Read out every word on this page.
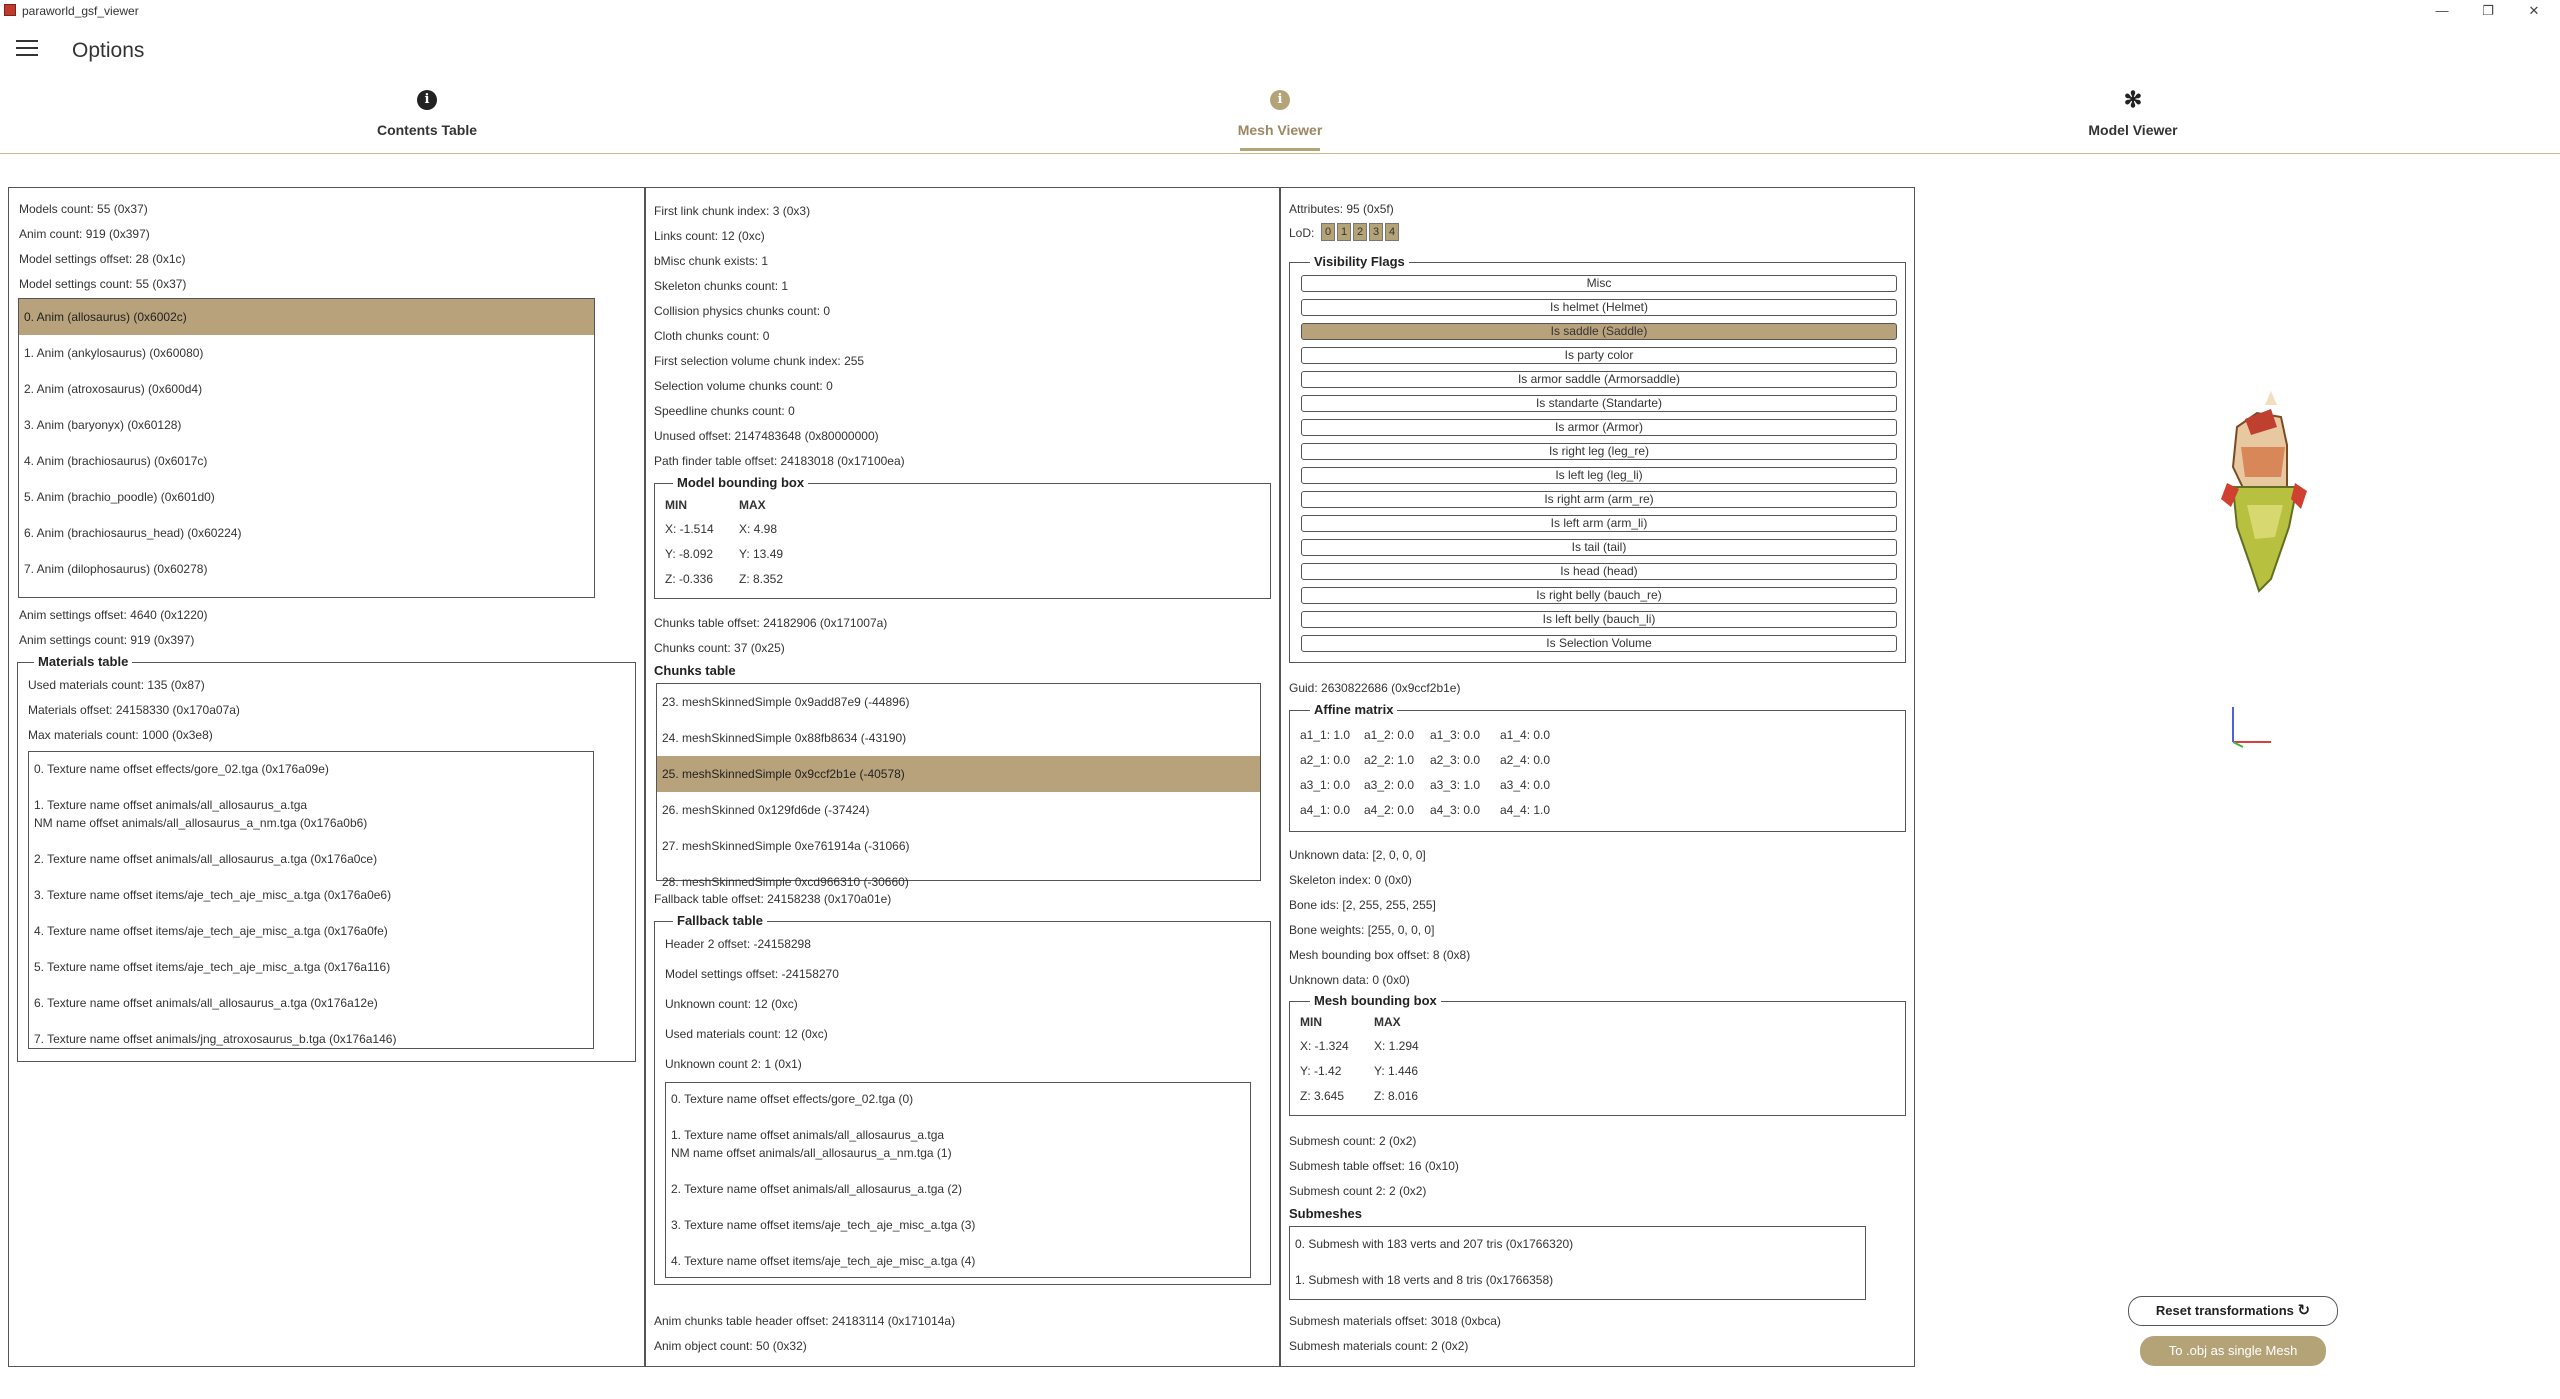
paraworld_gsf_viewer	—	❐	✕
Options
i
Contents Table
i
Mesh Viewer
✻
Model Viewer
Models count: 55 (0x37)
Anim count: 919 (0x397)
Model settings offset: 28 (0x1c)
Model settings count: 55 (0x37)
0. Anim (allosaurus) (0x6002c)
1. Anim (ankylosaurus) (0x60080)
2. Anim (atroxosaurus) (0x600d4)
3. Anim (baryonyx) (0x60128)
4. Anim (brachiosaurus) (0x6017c)
5. Anim (brachio_poodle) (0x601d0)
6. Anim (brachiosaurus_head) (0x60224)
7. Anim (dilophosaurus) (0x60278)
Anim settings offset: 4640 (0x1220)
Anim settings count: 919 (0x397)
Materials table
Used materials count: 135 (0x87)
Materials offset: 24158330 (0x170a07a)
Max materials count: 1000 (0x3e8)
0. Texture name offset effects/gore_02.tga (0x176a09e)
1. Texture name offset animals/all_allosaurus_a.tga
NM name offset animals/all_allosaurus_a_nm.tga (0x176a0b6)
2. Texture name offset animals/all_allosaurus_a.tga (0x176a0ce)
3. Texture name offset items/aje_tech_aje_misc_a.tga (0x176a0e6)
4. Texture name offset items/aje_tech_aje_misc_a.tga (0x176a0fe)
5. Texture name offset items/aje_tech_aje_misc_a.tga (0x176a116)
6. Texture name offset animals/all_allosaurus_a.tga (0x176a12e)
7. Texture name offset animals/jng_atroxosaurus_b.tga (0x176a146)
First link chunk index: 3 (0x3)
Links count: 12 (0xc)
bMisc chunk exists: 1
Skeleton chunks count: 1
Collision physics chunks count: 0
Cloth chunks count: 0
First selection volume chunk index: 255
Selection volume chunks count: 0
Speedline chunks count: 0
Unused offset: 2147483648 (0x80000000)
Path finder table offset: 24183018 (0x17100ea)
Model bounding box
MIN	MAX
X: -1.514 X: 4.98
Y: -8.092 Y: 13.49
Z: -0.336 Z: 8.352
Chunks table offset: 24182906 (0x171007a)
Chunks count: 37 (0x25)
Chunks table
23. meshSkinnedSimple 0x9add87e9 (-44896)
24. meshSkinnedSimple 0x88fb8634 (-43190)
25. meshSkinnedSimple 0x9ccf2b1e (-40578)
26. meshSkinned 0x129fd6de (-37424)
27. meshSkinnedSimple 0xe761914a (-31066)
28. meshSkinnedSimple 0xcd966310 (-30660)
Fallback table offset: 24158238 (0x170a01e)
Fallback table
Header 2 offset: -24158298
Model settings offset: -24158270
Unknown count: 12 (0xc)
Used materials count: 12 (0xc)
Unknown count 2: 1 (0x1)
0. Texture name offset effects/gore_02.tga (0)
1. Texture name offset animals/all_allosaurus_a.tga
NM name offset animals/all_allosaurus_a_nm.tga (1)
2. Texture name offset animals/all_allosaurus_a.tga (2)
3. Texture name offset items/aje_tech_aje_misc_a.tga (3)
4. Texture name offset items/aje_tech_aje_misc_a.tga (4)
Anim chunks table header offset: 24183114 (0x171014a)
Anim object count: 50 (0x32)
Attributes: 95 (0x5f)
LoD: 0 1 2 3 4
Visibility Flags
Misc
Is helmet (Helmet)
Is saddle (Saddle)
Is party color
Is armor saddle (Armorsaddle)
Is standarte (Standarte)
Is armor (Armor)
Is right leg (leg_re)
Is left leg (leg_li)
Is right arm (arm_re)
Is left arm (arm_li)
Is tail (tail)
Is head (head)
Is right belly (bauch_re)
Is left belly (bauch_li)
Is Selection Volume
Guid: 2630822686 (0x9ccf2b1e)
Affine matrix
a1_1: 1.0 a1_2: 0.0 a1_3: 0.0 a1_4: 0.0
a2_1: 0.0 a2_2: 1.0 a2_3: 0.0 a2_4: 0.0
a3_1: 0.0 a3_2: 0.0 a3_3: 1.0 a3_4: 0.0
a4_1: 0.0 a4_2: 0.0 a4_3: 0.0 a4_4: 1.0
Unknown data: [2, 0, 0, 0]
Skeleton index: 0 (0x0)
Bone ids: [2, 255, 255, 255]
Bone weights: [255, 0, 0, 0]
Mesh bounding box offset: 8 (0x8)
Unknown data: 0 (0x0)
Mesh bounding box
MIN	MAX
X: -1.324 X: 1.294
Y: -1.42	Y: 1.446
Z: 3.645 Z: 8.016
Submesh count: 2 (0x2)
Submesh table offset: 16 (0x10)
Submesh count 2: 2 (0x2)
Submeshes
0. Submesh with 183 verts and 207 tris (0x1766320)
1. Submesh with 18 verts and 8 tris (0x1766358)
Submesh materials offset: 3018 (0xbca)
Submesh materials count: 2 (0x2)
Reset transformations ↻
To .obj as single Mesh
